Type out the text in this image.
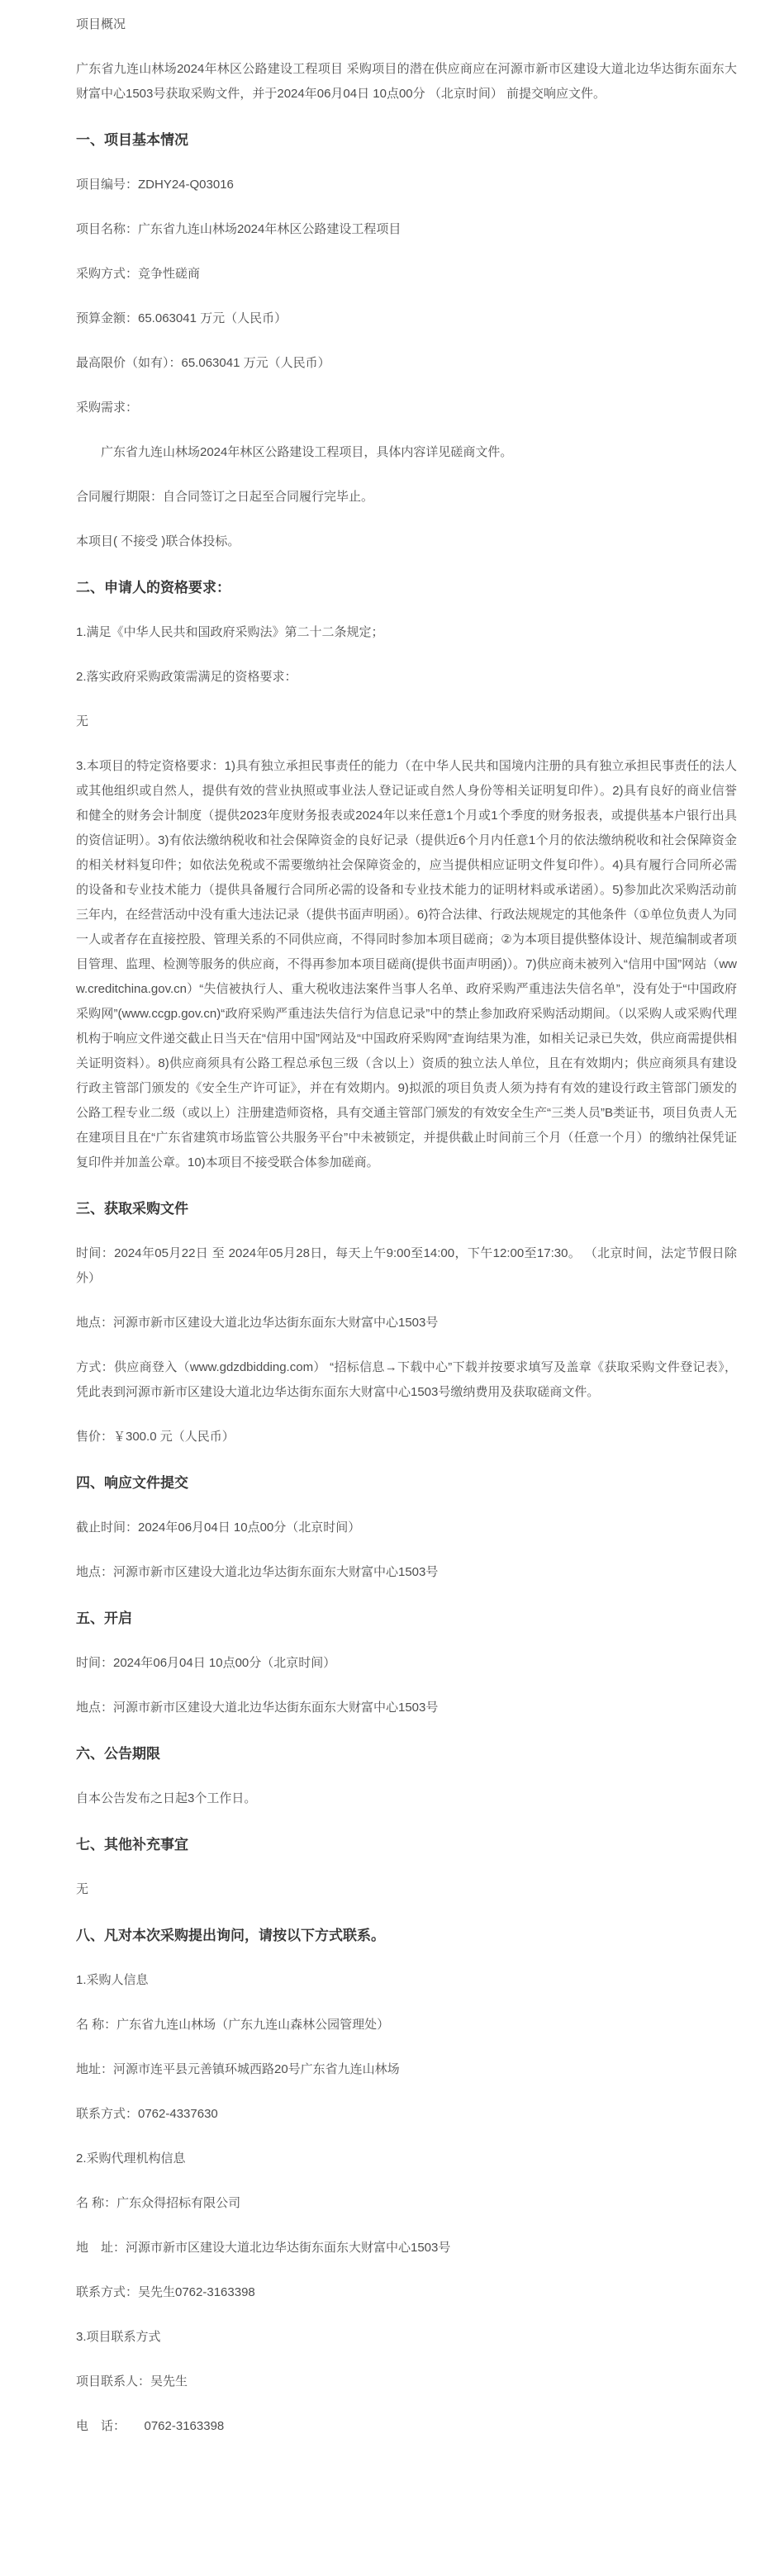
项目概况

广东省九连山林场2024年林区公路建设工程项目 采购项目的潜在供应商应在河源市新市区建设大道北边华达街东面东大财富中心1503号获取采购文件，并于2024年06月04日 10点00分 （北京时间） 前提交响应文件。

一、项目基本情况

项目编号：ZDHY24-Q03016

项目名称：广东省九连山林场2024年林区公路建设工程项目

采购方式：竞争性磋商

预算金额：65.063041 万元（人民币）

最高限价（如有）：65.063041 万元（人民币）

采购需求：

广东省九连山林场2024年林区公路建设工程项目，具体内容详见磋商文件。

合同履行期限：自合同签订之日起至合同履行完毕止。

本项目( 不接受 )联合体投标。

二、申请人的资格要求：

1.满足《中华人民共和国政府采购法》第二十二条规定；

2.落实政府采购政策需满足的资格要求：

无

3.本项目的特定资格要求：1)具有独立承担民事责任的能力（在中华人民共和国境内注册的具有独立承担民事责任的法人或其他组织或自然人，提供有效的营业执照或事业法人登记证或自然人身份等相关证明复印件）。2)具有良好的商业信誉和健全的财务会计制度（提供2023年度财务报表或2024年以来任意1个月或1个季度的财务报表，或提供基本户银行出具的资信证明）。3)有依法缴纳税收和社会保障资金的良好记录（提供近6个月内任意1个月的依法缴纳税收和社会保障资金的相关材料复印件；如依法免税或不需要缴纳社会保障资金的，应当提供相应证明文件复印件）。4)具有履行合同所必需的设备和专业技术能力（提供具备履行合同所必需的设备和专业技术能力的证明材料或承诺函）。5)参加此次采购活动前三年内，在经营活动中没有重大违法记录（提供书面声明函）。6)符合法律、行政法规规定的其他条件（①单位负责人为同一人或者存在直接控股、管理关系的不同供应商，不得同时参加本项目磋商；②为本项目提供整体设计、规范编制或者项目管理、监理、检测等服务的供应商，不得再参加本项目磋商(提供书面声明函)）。7)供应商未被列入“信用中国”网站（www.creditchina.gov.cn）“失信被执行人、重大税收违法案件当事人名单、政府采购严重违法失信名单”，没有处于“中国政府采购网”(www.ccgp.gov.cn)“政府采购严重违法失信行为信息记录”中的禁止参加政府采购活动期间。（以采购人或采购代理机构于响应文件递交截止日当天在“信用中国”网站及“中国政府采购网”查询结果为准，如相关记录已失效，供应商需提供相关证明资料）。8)供应商须具有公路工程总承包三级（含以上）资质的独立法人单位，且在有效期内；供应商须具有建设行政主管部门颁发的《安全生产许可证》，并在有效期内。9)拟派的项目负责人须为持有有效的建设行政主管部门颁发的公路工程专业二级（或以上）注册建造师资格，具有交通主管部门颁发的有效安全生产“三类人员”B类证书，项目负责人无在建项目且在“广东省建筑市场监管公共服务平台”中未被锁定，并提供截止时间前三个月（任意一个月）的缴纳社保凭证复印件并加盖公章。10)本项目不接受联合体参加磋商。

三、获取采购文件

时间：2024年05月22日 至 2024年05月28日，每天上午9:00至14:00，下午12:00至17:30。 （北京时间，法定节假日除外）

地点：河源市新市区建设大道北边华达街东面东大财富中心1503号

方式：供应商登入（www.gdzdbidding.com） “招标信息→下载中心”下载并按要求填写及盖章《获取采购文件登记表》，凭此表到河源市新市区建设大道北边华达街东面东大财富中心1503号缴纳费用及获取磋商文件。

售价：￥300.0 元（人民币）

四、响应文件提交

截止时间：2024年06月04日 10点00分（北京时间）

地点：河源市新市区建设大道北边华达街东面东大财富中心1503号

五、开启

时间：2024年06月04日 10点00分（北京时间）

地点：河源市新市区建设大道北边华达街东面东大财富中心1503号

六、公告期限

自本公告发布之日起3个工作日。

七、其他补充事宜

无

八、凡对本次采购提出询问，请按以下方式联系。

1.采购人信息

名 称：广东省九连山林场（广东九连山森林公园管理处）

地址：河源市连平县元善镇环城西路20号广东省九连山林场

联系方式：0762-4337630

2.采购代理机构信息

名 称：广东众得招标有限公司

地　址：河源市新市区建设大道北边华达街东面东大财富中心1503号

联系方式：吴先生0762-3163398

3.项目联系方式

项目联系人：吴先生

电　话：　　0762-3163398
